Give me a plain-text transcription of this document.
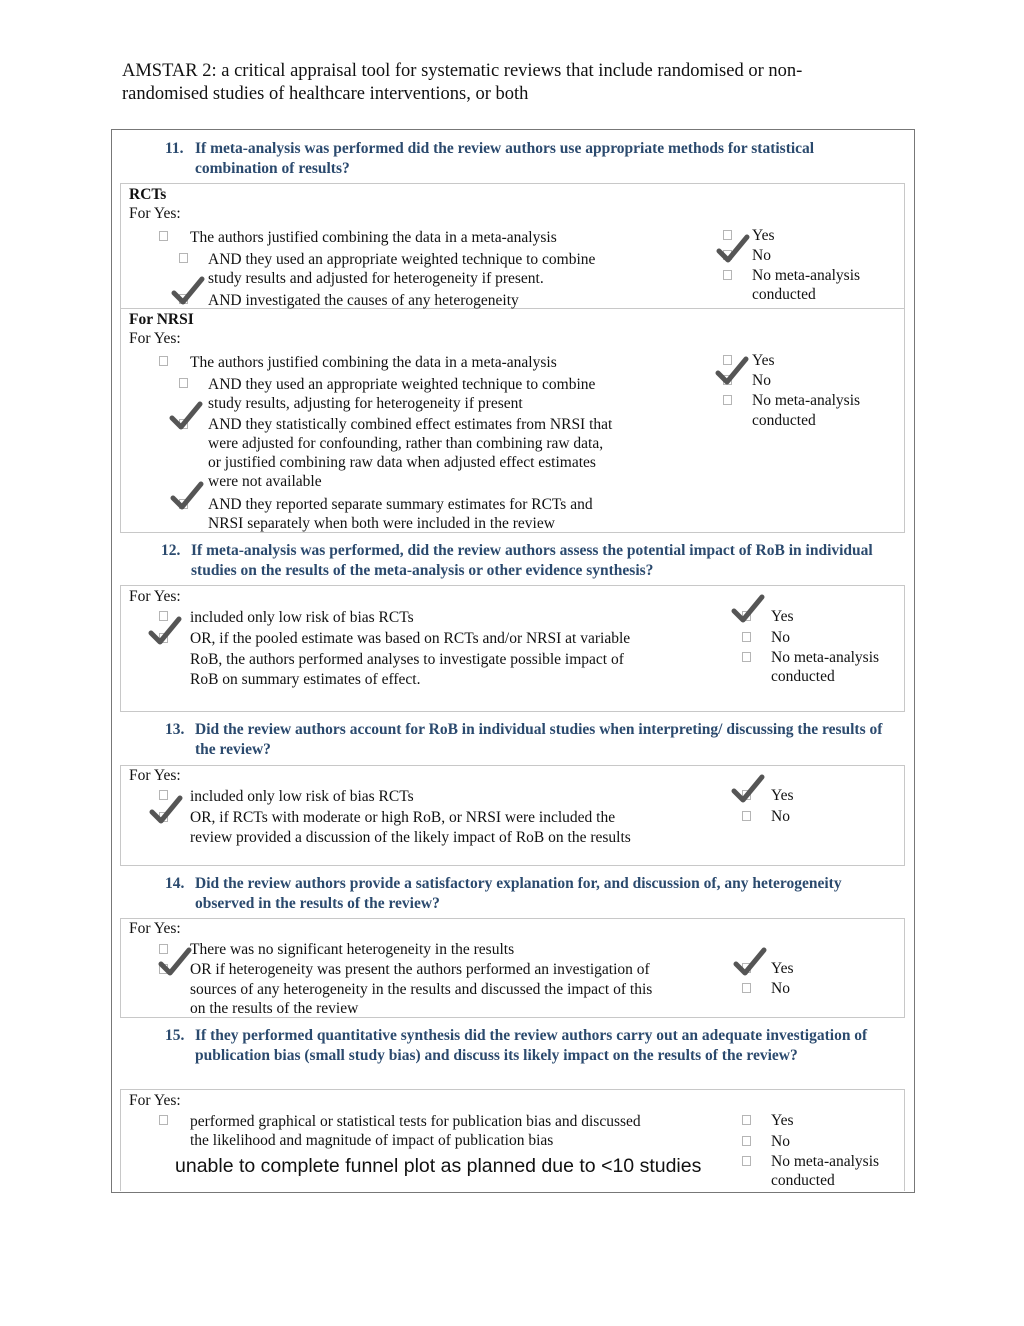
AMSTAR 2: a critical appraisal tool for systematic reviews that include randomised or non-
randomised studies of healthcare interventions, or both
11. If meta-analysis was performed did the review authors use appropriate methods for statistical combination of results?
RCTs
For Yes:
The authors justified combining the data in a meta-analysis
AND they used an appropriate weighted technique to combine
study results and adjusted for heterogeneity if present.
AND investigated the causes of any heterogeneity
Yes
No
No meta-analysis
conducted
For NRSI
For Yes:
The authors justified combining the data in a meta-analysis
AND they used an appropriate weighted technique to combine
study results, adjusting for heterogeneity if present
AND they statistically combined effect estimates from NRSI that
were adjusted for confounding, rather than combining raw data,
or justified combining raw data when adjusted effect estimates
were not available
AND they reported separate summary estimates for RCTs and
NRSI separately when both were included in the review
Yes
No
No meta-analysis
conducted
12. If meta-analysis was performed, did the review authors assess the potential impact of RoB in individual studies on the results of the meta-analysis or other evidence synthesis?
For Yes:
included only low risk of bias RCTs
OR, if the pooled estimate was based on RCTs and/or NRSI at variable
RoB, the authors performed analyses to investigate possible impact of
RoB on summary estimates of effect.
Yes
No
No meta-analysis
conducted
13. Did the review authors account for RoB in individual studies when interpreting/ discussing the results of the review?
For Yes:
included only low risk of bias RCTs
OR, if RCTs with moderate or high RoB, or NRSI were included the
review provided a discussion of the likely impact of RoB on the results
Yes
No
14. Did the review authors provide a satisfactory explanation for, and discussion of, any heterogeneity observed in the results of the review?
For Yes:
There was no significant heterogeneity in the results
OR if heterogeneity was present the authors performed an investigation of
sources of any heterogeneity in the results and discussed the impact of this
on the results of the review
Yes
No
15. If they performed quantitative synthesis did the review authors carry out an adequate investigation of publication bias (small study bias) and discuss its likely impact on the results of the review?
For Yes:
performed graphical or statistical tests for publication bias and discussed
the likelihood and magnitude of impact of publication bias
unable to complete funnel plot as planned due to <10 studies
Yes
No
No meta-analysis
conducted
